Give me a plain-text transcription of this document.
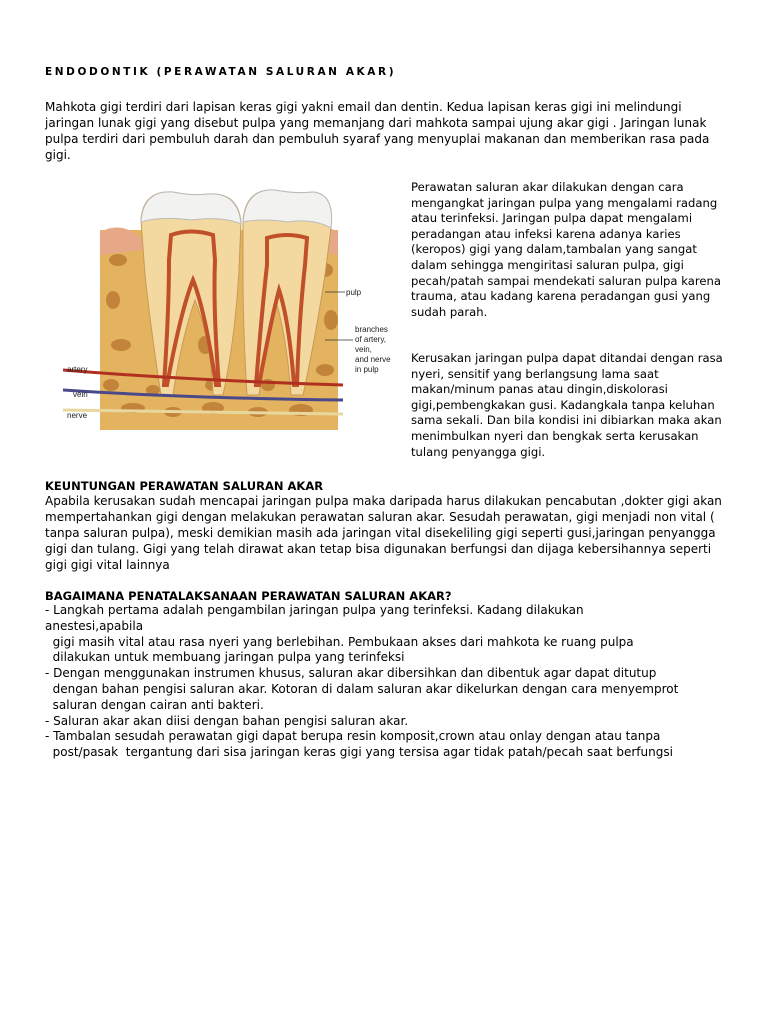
ENDODONTIK (PERAWATAN SALURAN AKAR)

Mahkota gigi terdiri dari lapisan keras gigi yakni email dan dentin. Kedua lapisan keras gigi ini melindungi jaringan lunak gigi yang disebut pulpa yang memanjang dari mahkota sampai ujung akar gigi . Jaringan lunak pulpa terdiri dari pembuluh darah dan pembuluh syaraf yang menyuplai makanan dan memberikan rasa pada gigi.

pulp
branches
of artery,
vein,
and nerve
in pulp
artery
vein
nerve

Perawatan saluran akar dilakukan dengan cara mengangkat jaringan pulpa yang mengalami radang atau terinfeksi. Jaringan pulpa dapat mengalami peradangan atau infeksi karena adanya karies (keropos) gigi yang dalam,tambalan yang sangat dalam sehingga mengiritasi saluran pulpa, gigi pecah/patah sampai mendekati saluran pulpa karena trauma, atau kadang karena peradangan gusi yang sudah parah.

Kerusakan jaringan pulpa dapat ditandai dengan rasa nyeri, sensitif yang berlangsung lama saat makan/minum panas atau dingin,diskolorasi gigi,pembengkakan gusi. Kadangkala tanpa keluhan sama sekali. Dan bila kondisi ini dibiarkan maka akan menimbulkan nyeri dan bengkak serta kerusakan tulang penyangga gigi.

KEUNTUNGAN PERAWATAN SALURAN AKAR

Apabila kerusakan sudah mencapai jaringan pulpa maka daripada harus dilakukan pencabutan ,dokter gigi akan mempertahankan gigi dengan melakukan perawatan saluran akar. Sesudah perawatan, gigi menjadi non vital ( tanpa saluran pulpa), meski demikian masih ada jaringan vital disekeliling gigi seperti gusi,jaringan penyangga gigi dan tulang. Gigi yang telah dirawat akan tetap bisa digunakan berfungsi dan dijaga kebersihannya seperti gigi gigi vital lainnya

BAGAIMANA PENATALAKSANAAN PERAWATAN SALURAN AKAR?

- Langkah pertama adalah pengambilan jaringan pulpa yang terinfeksi. Kadang dilakukan
anestesi,apabila
gigi masih vital atau rasa nyeri yang berlebihan. Pembukaan akses dari mahkota ke ruang pulpa
dilakukan untuk membuang jaringan pulpa yang terinfeksi
- Dengan menggunakan instrumen khusus, saluran akar dibersihkan dan dibentuk agar dapat ditutup
dengan bahan pengisi saluran akar. Kotoran di dalam saluran akar dikelurkan dengan cara menyemprot
saluran dengan cairan anti bakteri.
- Saluran akar akan diisi dengan bahan pengisi saluran akar.
- Tambalan sesudah perawatan gigi dapat berupa resin komposit,crown atau onlay dengan atau tanpa
post/pasak  tergantung dari sisa jaringan keras gigi yang tersisa agar tidak patah/pecah saat berfungsi
